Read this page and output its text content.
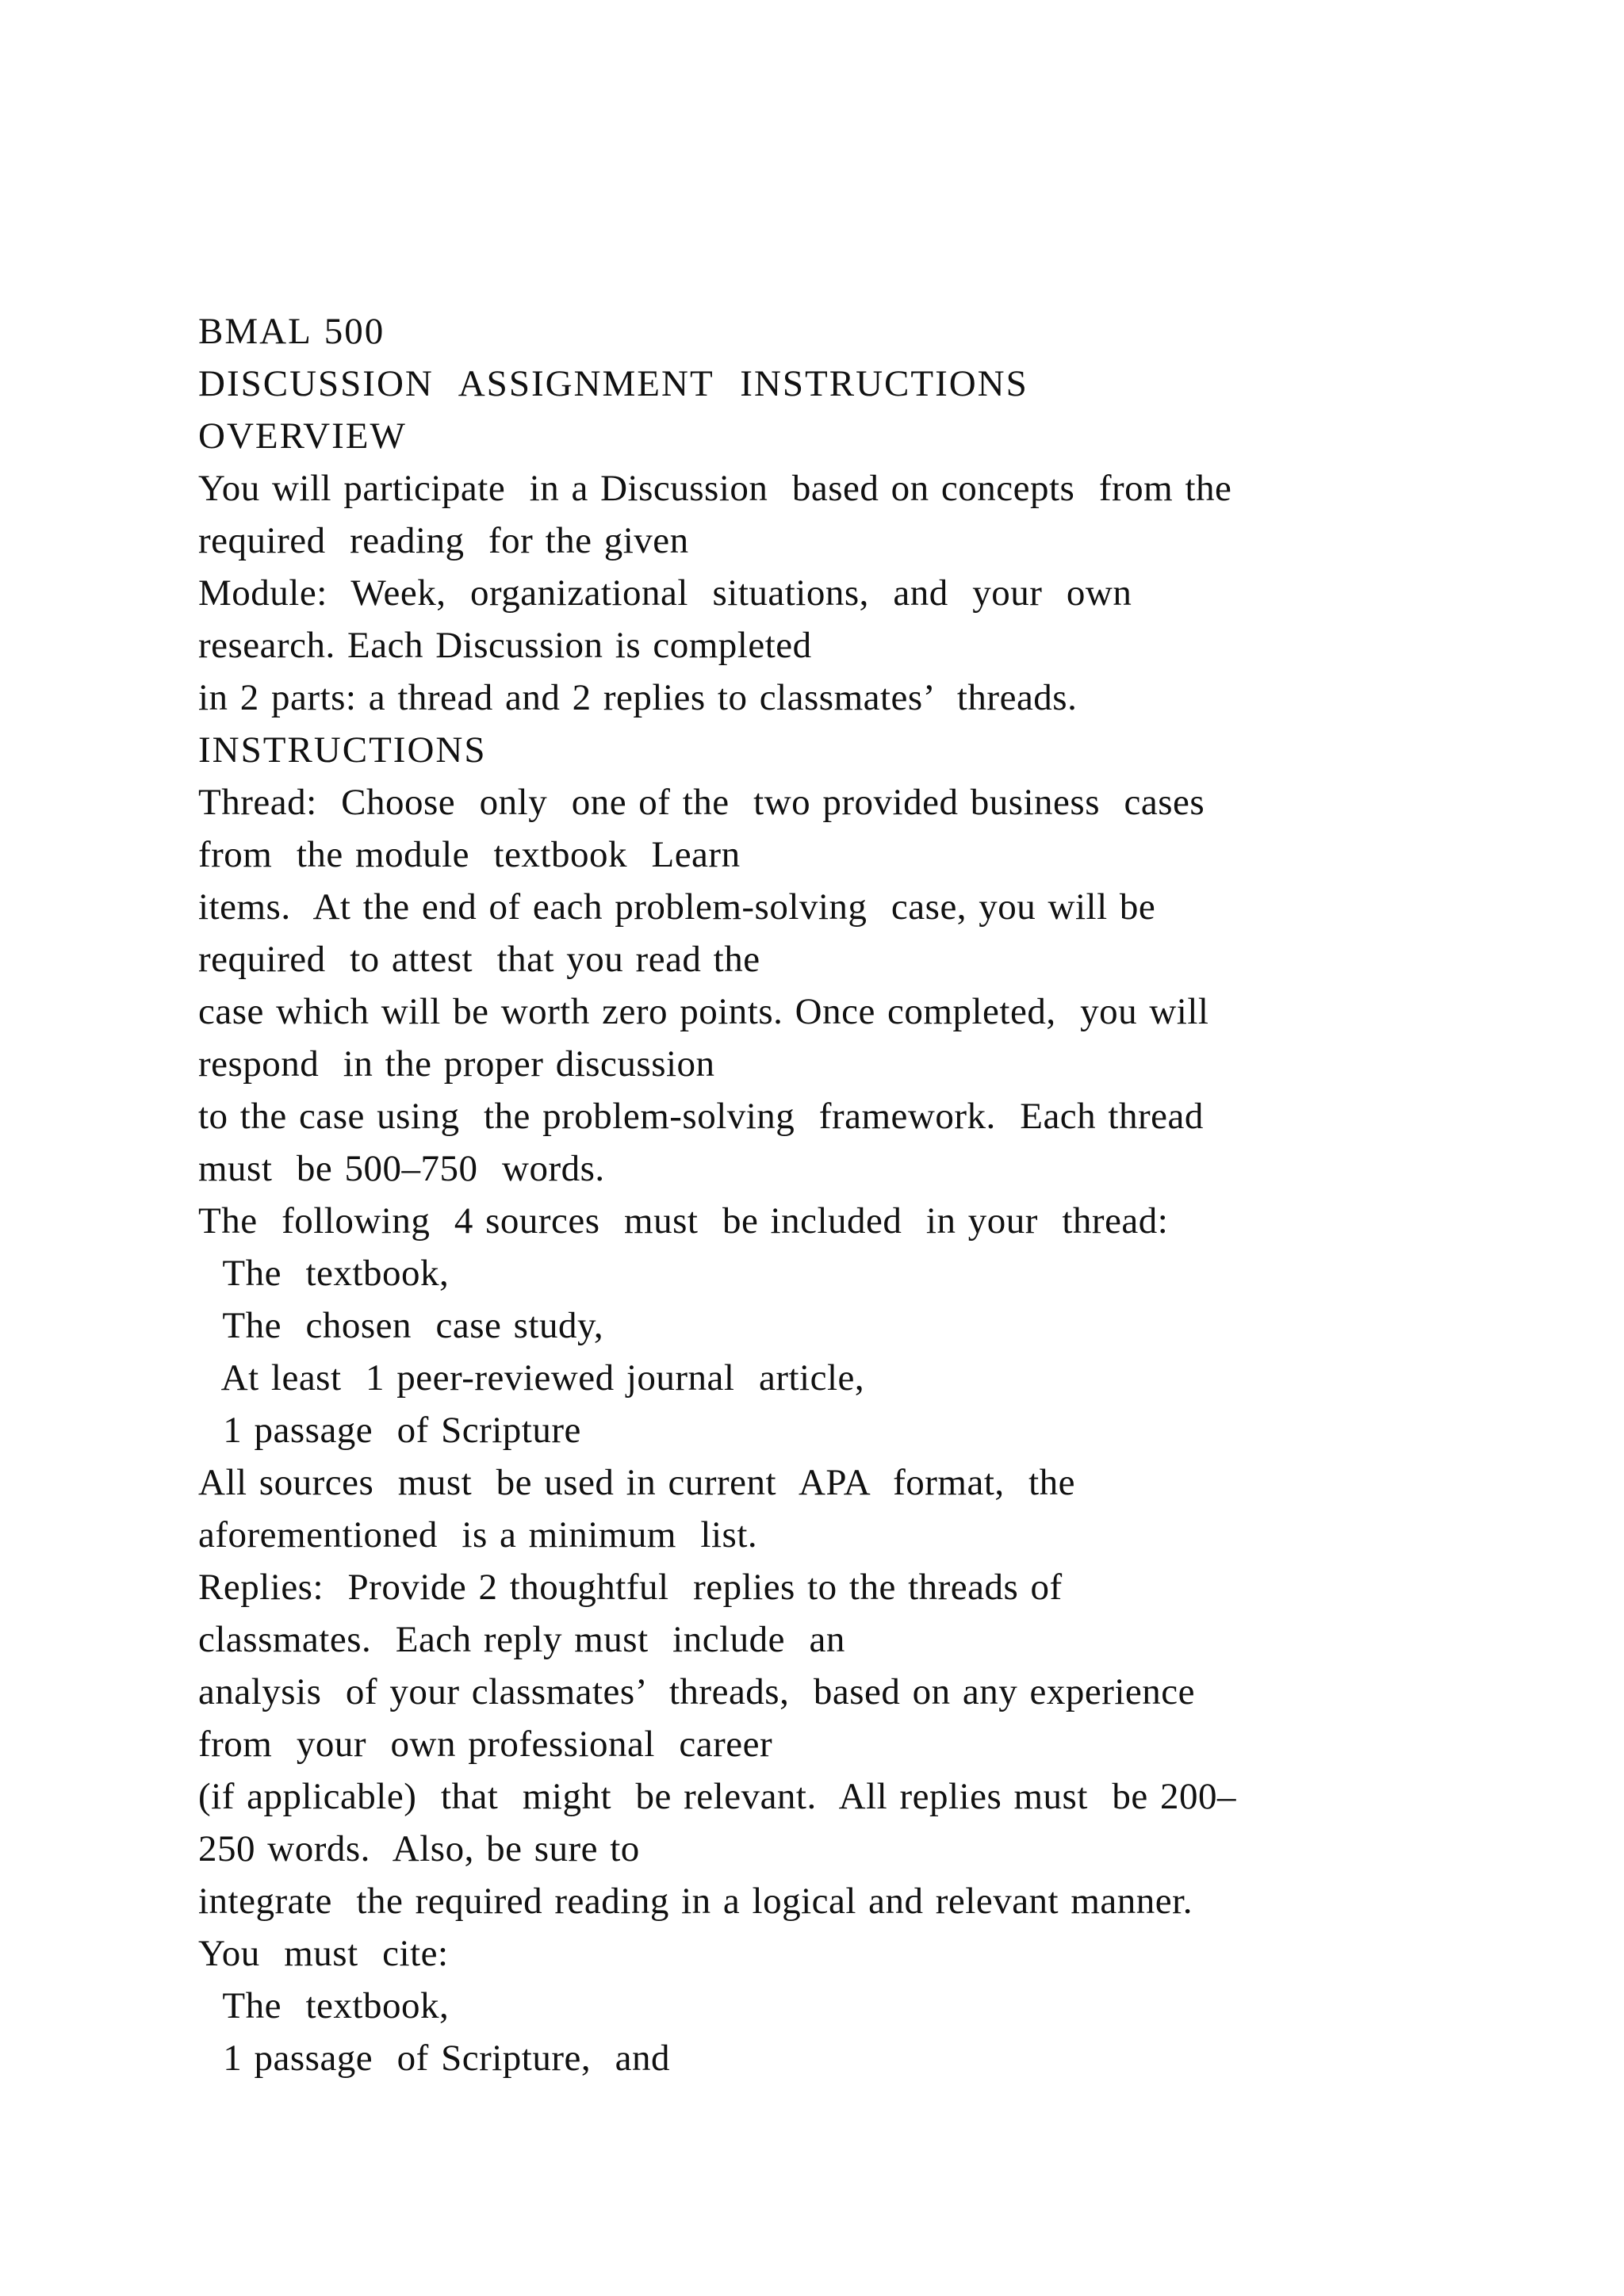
BMAL 500
DISCUSSION  ASSIGNMENT  INSTRUCTIONS
OVERVIEW
You will participate  in a Discussion  based on concepts  from the
required  reading  for the given
Module:  Week,  organizational  situations,  and  your  own
research. Each Discussion is completed
in 2 parts: a thread and 2 replies to classmates’  threads.
INSTRUCTIONS
Thread:  Choose  only  one of the  two provided business  cases
from  the module  textbook  Learn
items.  At the end of each problem-solving  case, you will be
required  to attest  that you read the
case which will be worth zero points. Once completed,  you will
respond  in the proper discussion
to the case using  the problem-solving  framework.  Each thread
must  be 500–750  words.
The  following  4 sources  must  be included  in your  thread:
The  textbook,
The  chosen  case study,
At least  1 peer-reviewed journal  article,
1 passage  of Scripture
All sources  must  be used in current  APA  format,  the
aforementioned  is a minimum  list.
Replies:  Provide 2 thoughtful  replies to the threads of
classmates.  Each reply must  include  an
analysis  of your classmates’  threads,  based on any experience
from  your  own professional  career
(if applicable)  that  might  be relevant.  All replies must  be 200–
250 words.  Also, be sure to
integrate  the required reading in a logical and relevant manner.
You  must  cite:
The  textbook,
1 passage  of Scripture,  and
